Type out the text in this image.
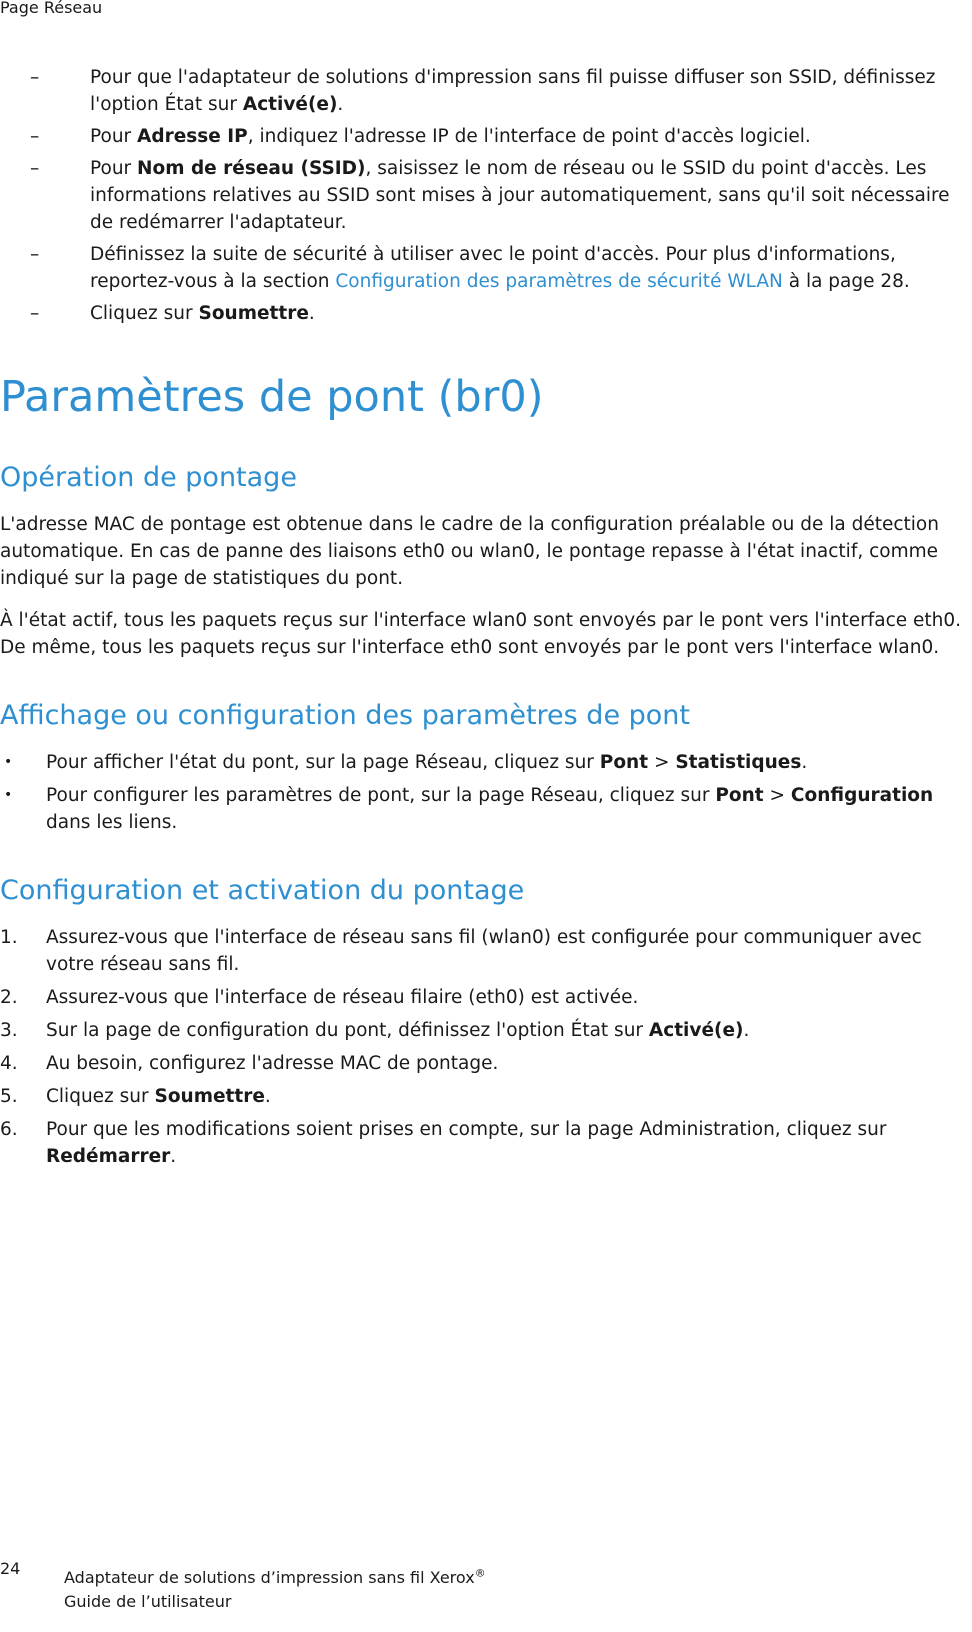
Page Réseau
–	Pour que l'adaptateur de solutions d'impression sans fil puisse diffuser son SSID, définissez l'option État sur Activé(e).
–	Pour Adresse IP, indiquez l'adresse IP de l'interface de point d'accès logiciel.
–	Pour Nom de réseau (SSID), saisissez le nom de réseau ou le SSID du point d'accès. Les informations relatives au SSID sont mises à jour automatiquement, sans qu'il soit nécessaire de redémarrer l'adaptateur.
–	Définissez la suite de sécurité à utiliser avec le point d'accès. Pour plus d'informations, reportez-vous à la section Configuration des paramètres de sécurité WLAN à la page 28.
–	Cliquez sur Soumettre.
Paramètres de pont (br0)
Opération de pontage

L'adresse MAC de pontage est obtenue dans le cadre de la configuration préalable ou de la détection automatique. En cas de panne des liaisons eth0 ou wlan0, le pontage repasse à l'état inactif, comme indiqué sur la page de statistiques du pont.

À l'état actif, tous les paquets reçus sur l'interface wlan0 sont envoyés par le pont vers l'interface eth0. De même, tous les paquets reçus sur l'interface eth0 sont envoyés par le pont vers l'interface wlan0.

Affichage ou configuration des paramètres de pont
• Pour afficher l'état du pont, sur la page Réseau, cliquez sur Pont > Statistiques.
• Pour configurer les paramètres de pont, sur la page Réseau, cliquez sur Pont > Configuration dans les liens.
Configuration et activation du pontage
1. Assurez-vous que l'interface de réseau sans fil (wlan0) est configurée pour communiquer avec votre réseau sans fil.
2. Assurez-vous que l'interface de réseau filaire (eth0) est activée.
3. Sur la page de configuration du pont, définissez l'option État sur Activé(e).
4. Au besoin, configurez l'adresse MAC de pontage.
5. Cliquez sur Soumettre.
6. Pour que les modifications soient prises en compte, sur la page Administration, cliquez sur Redémarrer.
24	Adaptateur de solutions d’impression sans fil Xerox®
Guide de l’utilisateur
